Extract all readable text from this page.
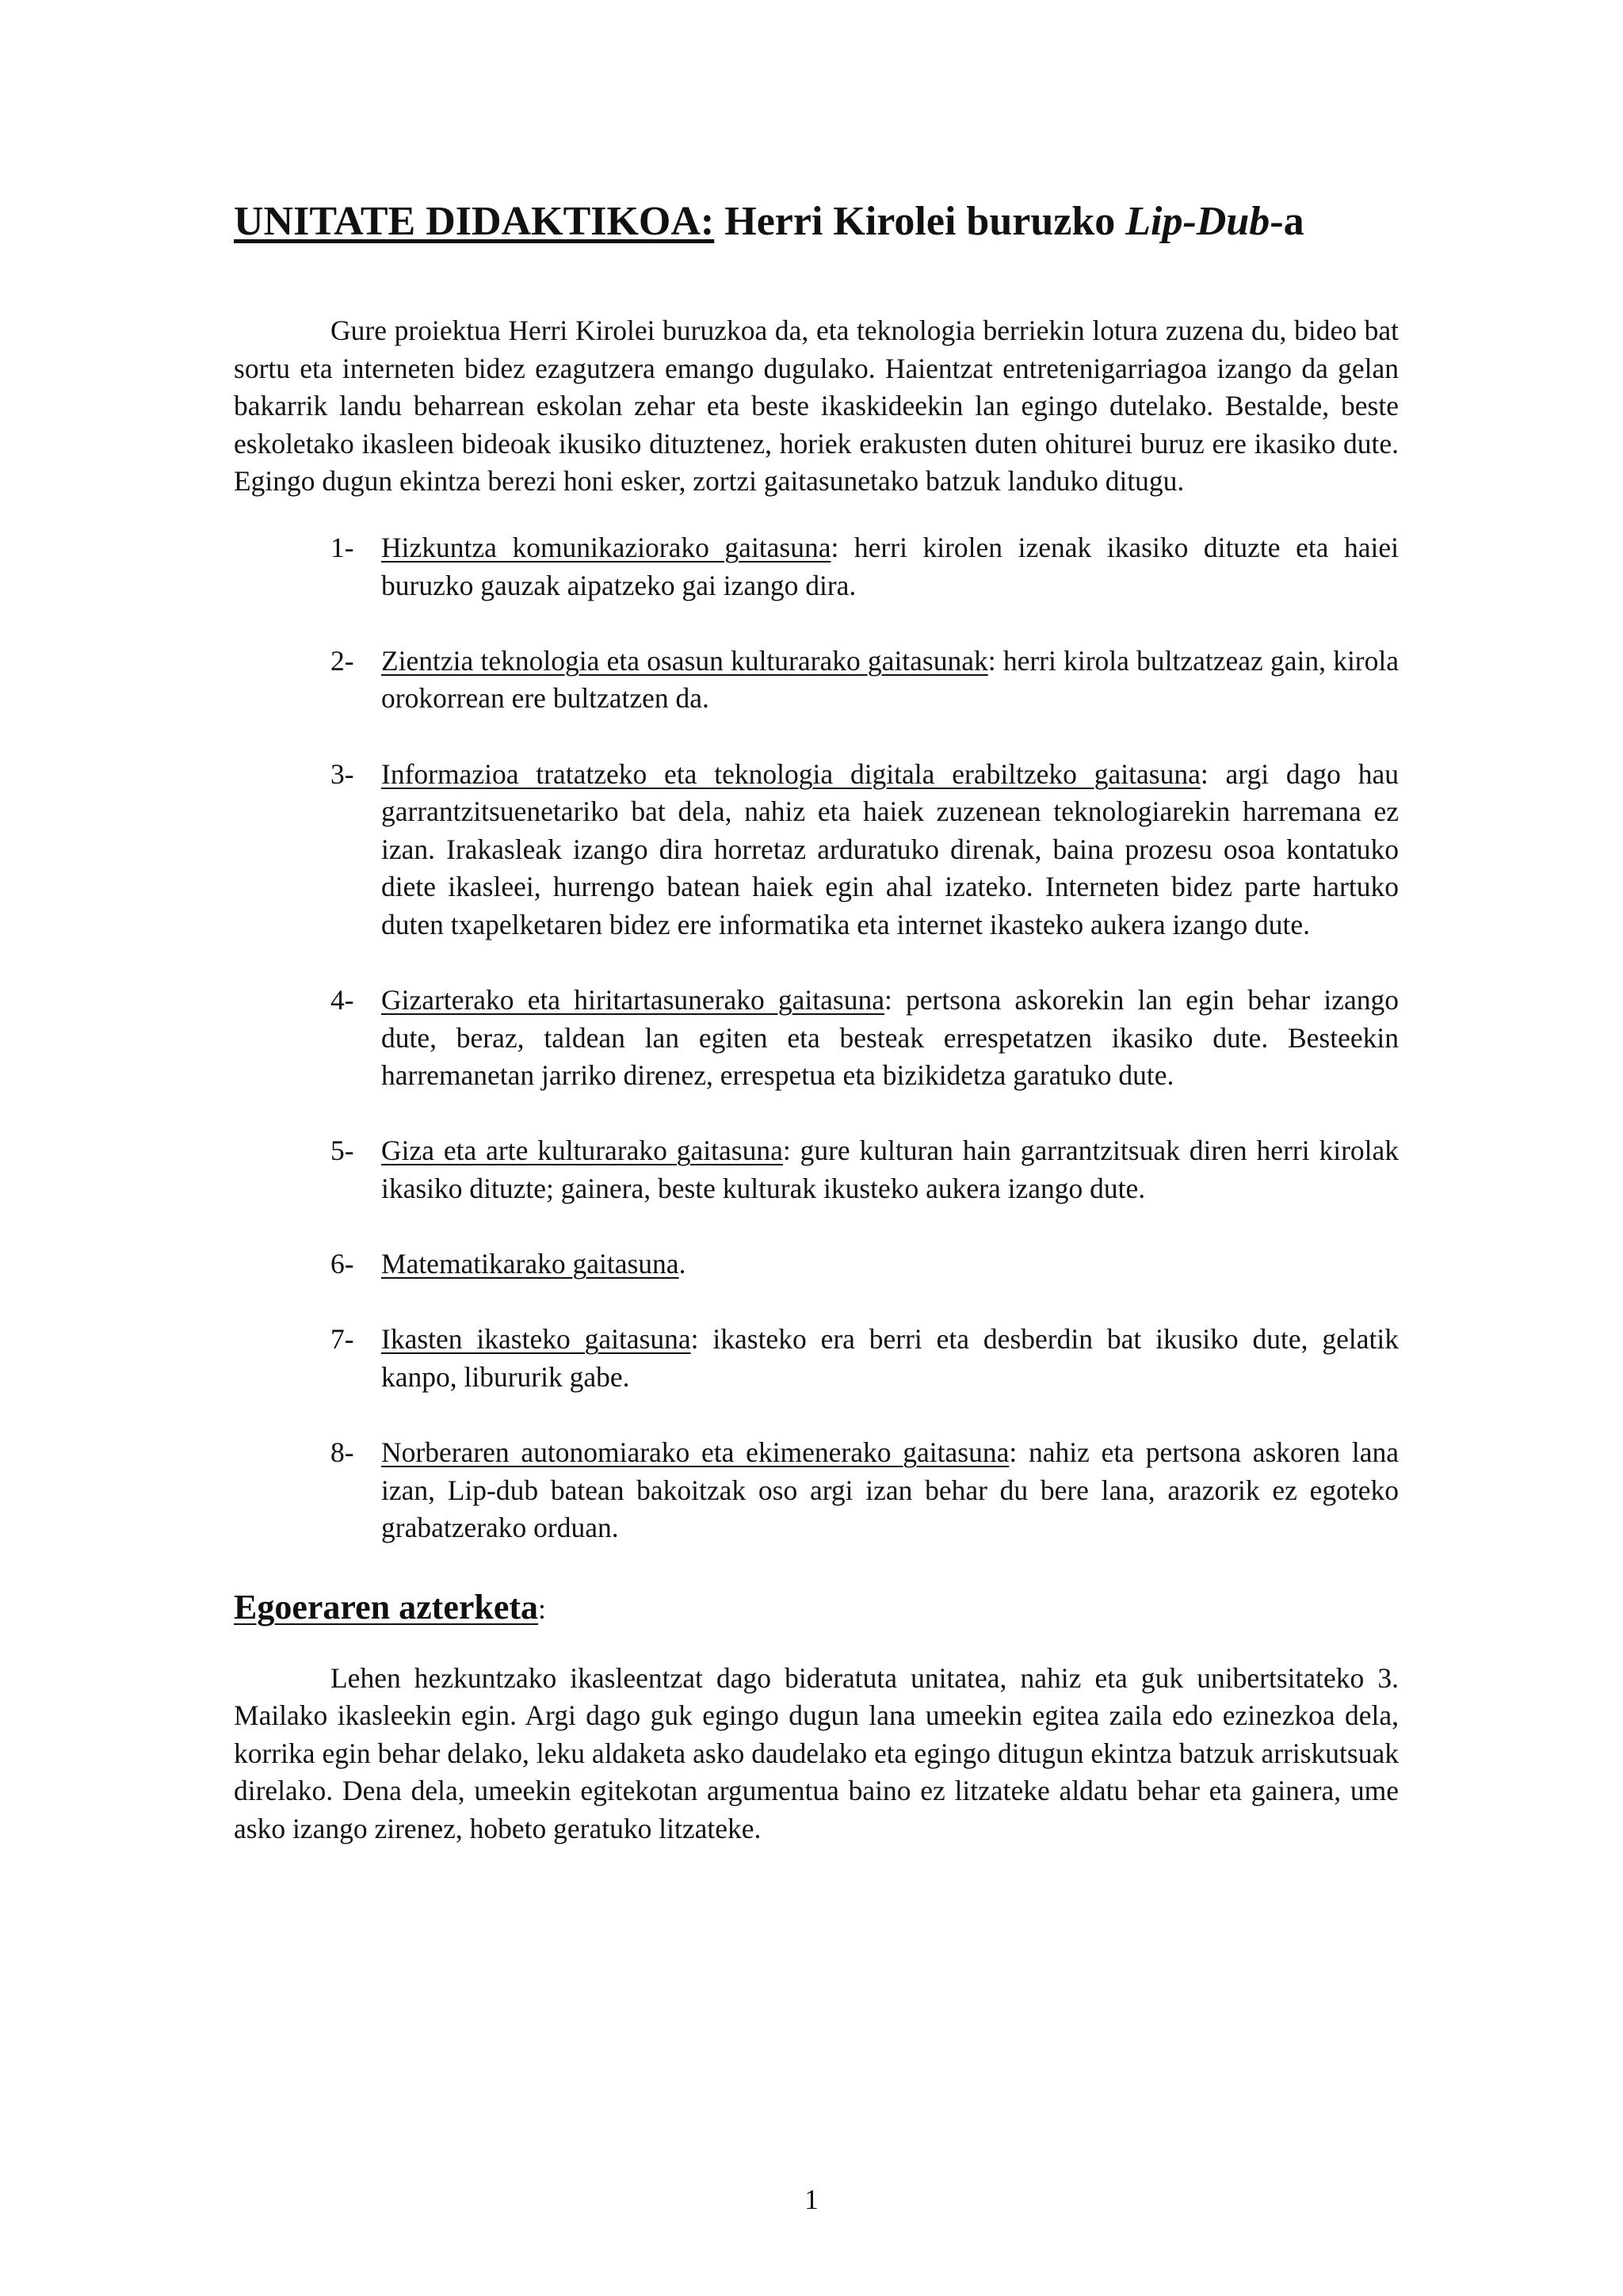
UNITATE DIDAKTIKOA: Herri Kirolei buruzko Lip-Dub-a

Gure proiektua Herri Kirolei buruzkoa da, eta teknologia berriekin lotura zuzena du, bideo bat sortu eta interneten bidez ezagutzera emango dugulako. Haientzat entretenigarriagoa izango da gelan bakarrik landu beharrean eskolan zehar eta beste ikaskideekin lan egingo dutelako. Bestalde, beste eskoletako ikasleen bideoak ikusiko dituztenez, horiek erakusten duten ohiturei buruz ere ikasiko dute. Egingo dugun ekintza berezi honi esker, zortzi gaitasunetako batzuk landuko ditugu.

1- Hizkuntza komunikaziorako gaitasuna: herri kirolen izenak ikasiko dituzte eta haiei buruzko gauzak aipatzeko gai izango dira.
2- Zientzia teknologia eta osasun kulturarako gaitasunak: herri kirola bultzatzeaz gain, kirola orokorrean ere bultzatzen da.
3- Informazioa tratatzeko eta teknologia digitala erabiltzeko gaitasuna: argi dago hau garrantzitsuenetariko bat dela, nahiz eta haiek zuzenean teknologiarekin harremana ez izan. Irakasleak izango dira horretaz arduratuko direnak, baina prozesu osoa kontatuko diete ikasleei, hurrengo batean haiek egin ahal izateko. Interneten bidez parte hartuko duten txapelketaren bidez ere informatika eta internet ikasteko aukera izango dute.
4- Gizarterako eta hiritartasunerako gaitasuna: pertsona askorekin lan egin behar izango dute, beraz, taldean lan egiten eta besteak errespetatzen ikasiko dute. Besteekin harremanetan jarriko direnez, errespetua eta bizikidetza garatuko dute.
5- Giza eta arte kulturarako gaitasuna: gure kulturan hain garrantzitsuak diren herri kirolak ikasiko dituzte; gainera, beste kulturak ikusteko aukera izango dute.
6- Matematikarako gaitasuna.
7- Ikasten ikasteko gaitasuna: ikasteko era berri eta desberdin bat ikusiko dute, gelatik kanpo, libururik gabe.
8- Norberaren autonomiarako eta ekimenerako gaitasuna: nahiz eta pertsona askoren lana izan, Lip-dub batean bakoitzak oso argi izan behar du bere lana, arazorik ez egoteko grabatzerako orduan.
Egoeraren azterketa:

Lehen hezkuntzako ikasleentzat dago bideratuta unitatea, nahiz eta guk unibertsitateko 3. Mailako ikasleekin egin. Argi dago guk egingo dugun lana umeekin egitea zaila edo ezinezkoa dela, korrika egin behar delako, leku aldaketa asko daudelako eta egingo ditugun ekintza batzuk arriskutsuak direlako. Dena dela, umeekin egitekotan argumentua baino ez litzateke aldatu behar eta gainera, ume asko izango zirenez, hobeto geratuko litzateke.

1
